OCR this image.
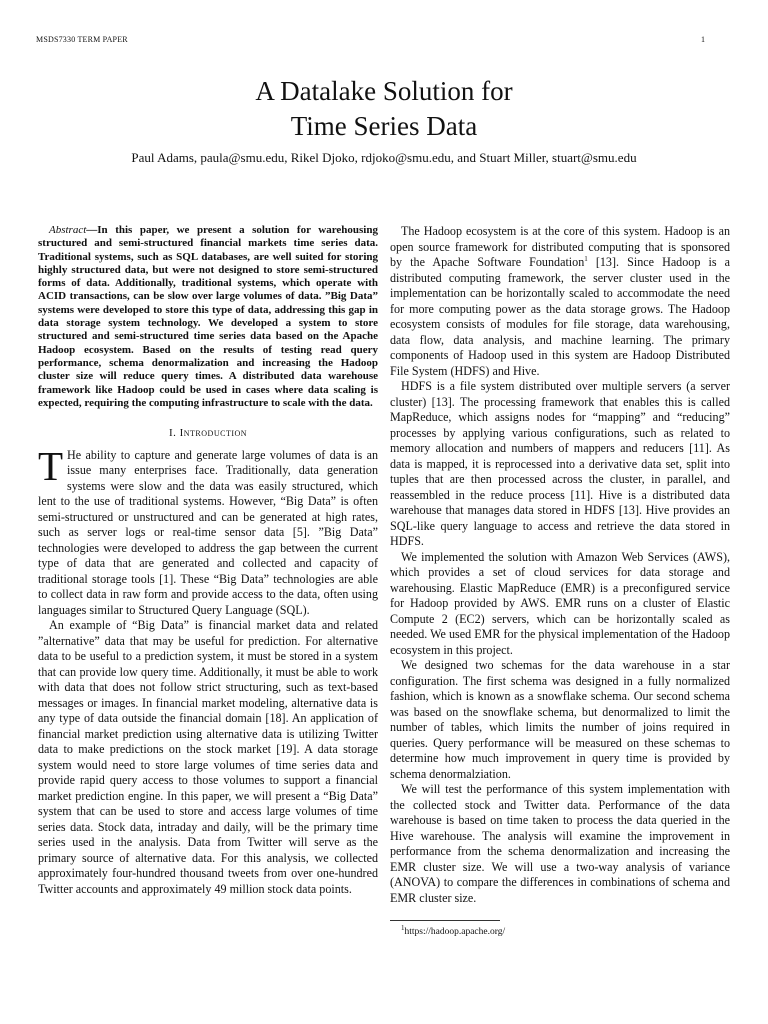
MSDS7330 TERM PAPER	1
A Datalake Solution for
Time Series Data
Paul Adams, paula@smu.edu, Rikel Djoko, rdjoko@smu.edu, and Stuart Miller, stuart@smu.edu

Abstract—In this paper, we present a solution for warehousing structured and semi-structured financial markets time series data. Traditional systems, such as SQL databases, are well suited for storing highly structured data, but were not designed to store semi-structured forms of data. Additionally, traditional systems, which operate with ACID transactions, can be slow over large volumes of data. ”Big Data” systems were developed to store this type of data, addressing this gap in data storage system technology. We developed a system to store structured and semi-structured time series data based on the Apache Hadoop ecosystem. Based on the results of testing read query performance, schema denormalization and increasing the Hadoop cluster size will reduce query times. A distributed data warehouse framework like Hadoop could be used in cases where data scaling is expected, requiring the computing infrastructure to scale with the data.

I. Introduction

T He ability to capture and generate large volumes of data is an issue many enterprises face. Traditionally, data generation systems were slow and the data was easily structured, which lent to the use of traditional systems. However, “Big Data” is often semi-structured or unstructured and can be generated at high rates, such as server logs or real-time sensor data [5]. ”Big Data” technologies were developed to address the gap between the current type of data that are generated and collected and capacity of traditional storage tools [1]. These “Big Data” technologies are able to collect data in raw form and provide access to the data, often using languages similar to Structured Query Language (SQL).

An example of “Big Data” is financial market data and related ”alternative” data that may be useful for prediction. For alternative data to be useful to a prediction system, it must be stored in a system that can provide low query time. Additionally, it must be able to work with data that does not follow strict structuring, such as text-based messages or images. In financial market modeling, alternative data is any type of data outside the financial domain [18]. An application of financial market prediction using alternative data is utilizing Twitter data to make predictions on the stock market [19]. A data storage system would need to store large volumes of time series data and provide rapid query access to those volumes to support a financial market prediction engine. In this paper, we will present a “Big Data” system that can be used to store and access large volumes of time series data. Stock data, intraday and daily, will be the primary time series used in the analysis. Data from Twitter will serve as the primary source of alternative data. For this analysis, we collected approximately four-hundred thousand tweets from over one-hundred Twitter accounts and approximately 49 million stock data points.

The Hadoop ecosystem is at the core of this system. Hadoop is an open source framework for distributed computing that is sponsored by the Apache Software Foundation$^1$ [13]. Since Hadoop is a distributed computing framework, the server cluster used in the implementation can be horizontally scaled to accommodate the need for more computing power as the data storage grows. The Hadoop ecosystem consists of modules for file storage, data warehousing, data flow, data analysis, and machine learning. The primary components of Hadoop used in this system are Hadoop Distributed File System (HDFS) and Hive.

HDFS is a file system distributed over multiple servers (a server cluster) [13]. The processing framework that enables this is called MapReduce, which assigns nodes for “mapping” and “reducing” processes by applying various configurations, such as related to memory allocation and numbers of mappers and reducers [11]. As data is mapped, it is reprocessed into a derivative data set, split into tuples that are then processed across the cluster, in parallel, and reassembled in the reduce process [11]. Hive is a distributed data warehouse that manages data stored in HDFS [13]. Hive provides an SQL-like query language to access and retrieve the data stored in HDFS.

We implemented the solution with Amazon Web Services (AWS), which provides a set of cloud services for data storage and warehousing. Elastic MapReduce (EMR) is a preconfigured service for Hadoop provided by AWS. EMR runs on a cluster of Elastic Compute 2 (EC2) servers, which can be horizontally scaled as needed. We used EMR for the physical implementation of the Hadoop ecosystem in this project.

We designed two schemas for the data warehouse in a star configuration. The first schema was designed in a fully normalized fashion, which is known as a snowflake schema. Our second schema was based on the snowflake schema, but denormalized to limit the number of tables, which limits the number of joins required in queries. Query performance will be measured on these schemas to determine how much improvement in query time is provided by schema denormalziation.

We will test the performance of this system implementation with the collected stock and Twitter data. Performance of the data warehouse is based on time taken to process the data queried in the Hive warehouse. The analysis will examine the improvement in performance from the schema denormalization and increasing the EMR cluster size. We will use a two-way analysis of variance (ANOVA) to compare the differences in combinations of schema and EMR cluster size.

$^1$https://hadoop.apache.org/
